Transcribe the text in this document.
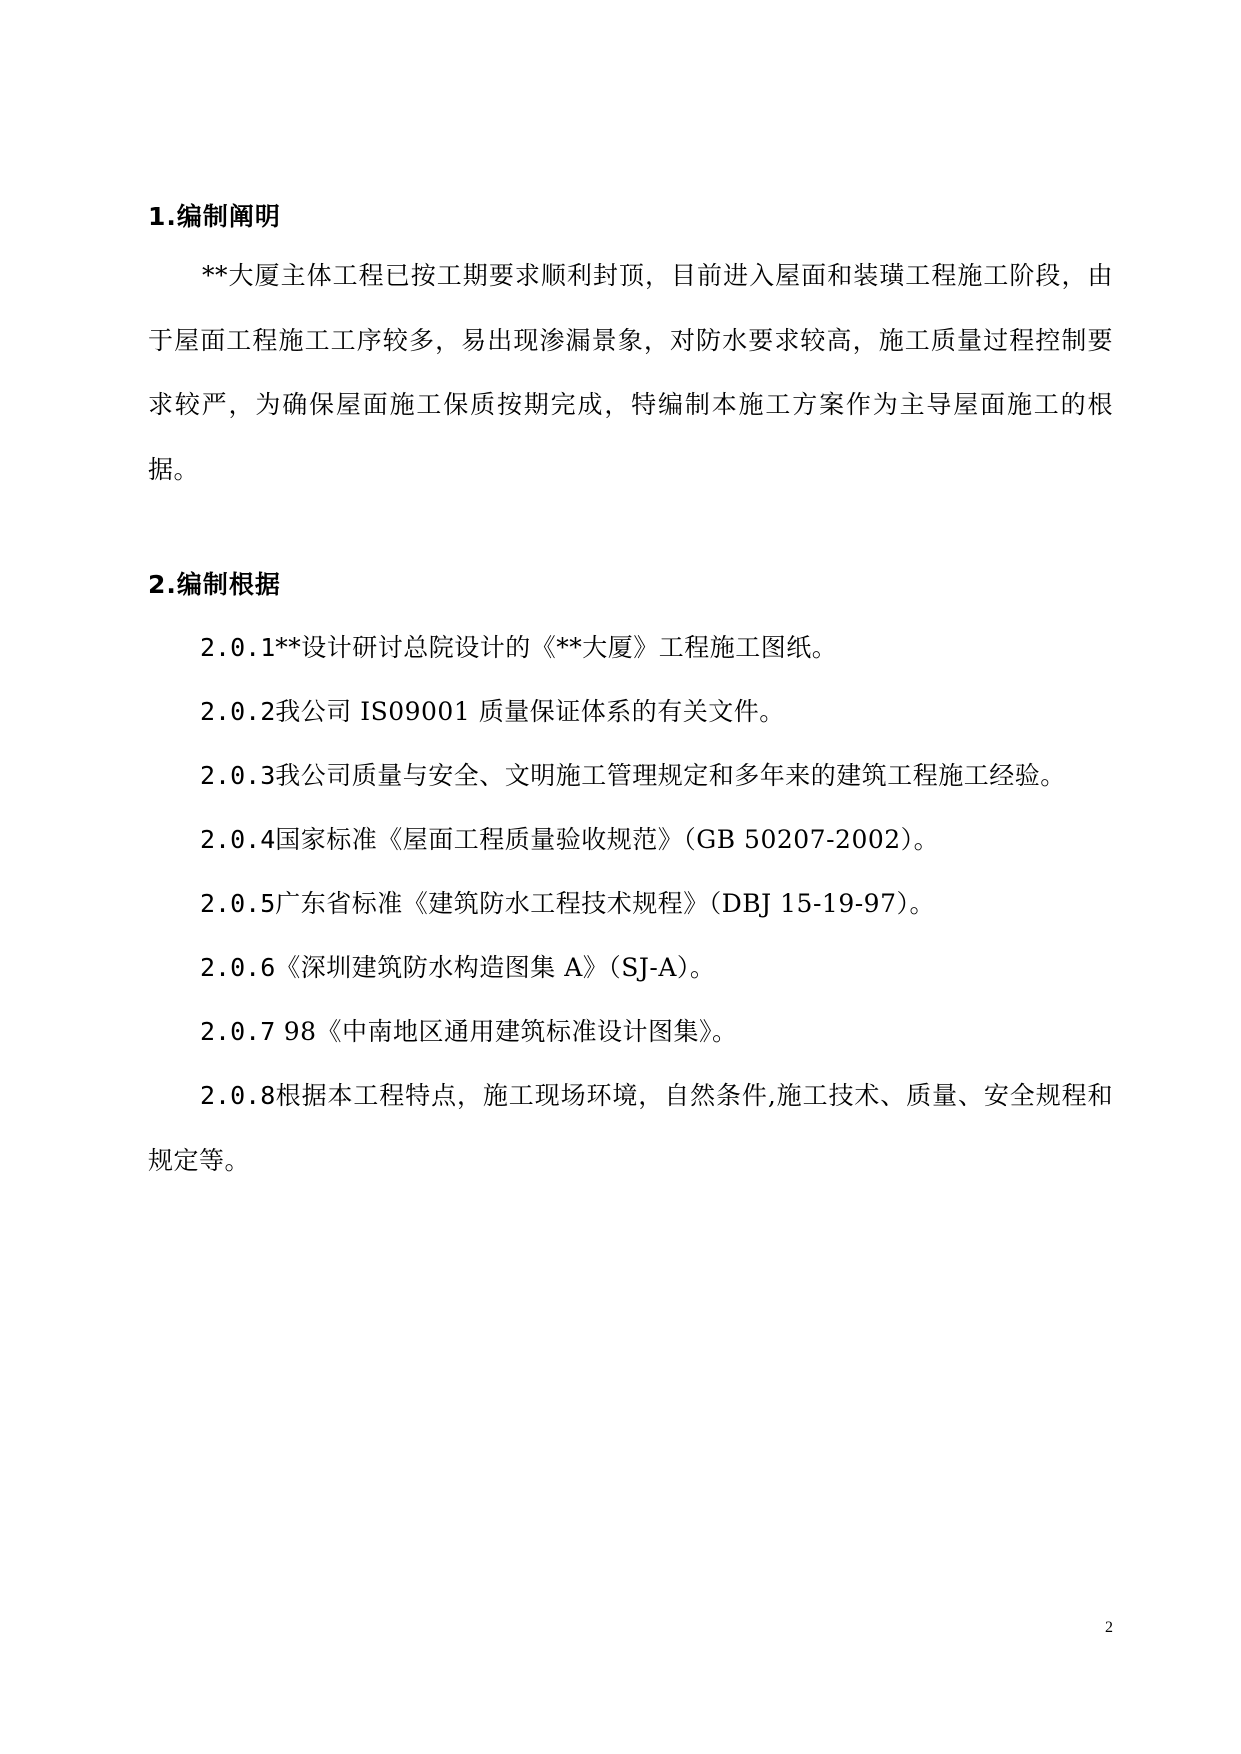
1.编制阐明
**大厦主体工程已按工期要求顺利封顶，目前进入屋面和装璜工程施工阶段，由于屋面工程施工工序较多，易出现渗漏景象，对防水要求较高，施工质量过程控制要求较严，为确保屋面施工保质按期完成，特编制本施工方案作为主导屋面施工的根据。
2.编制根据
2.0.1**设计研讨总院设计的《**大厦》工程施工图纸。
2.0.2我公司 IS09001 质量保证体系的有关文件。
2.0.3我公司质量与安全、文明施工管理规定和多年来的建筑工程施工经验。
2.0.4国家标准《屋面工程质量验收规范》（GB 50207-2002）。
2.0.5广东省标准《建筑防水工程技术规程》（DBJ 15-19-97）。
2.0.6《深圳建筑防水构造图集 A》（SJ-A）。
2.0.7 98《中南地区通用建筑标准设计图集》。
2.0.8根据本工程特点，施工现场环境，自然条件,施工技术、质量、安全规程和规定等。
2
